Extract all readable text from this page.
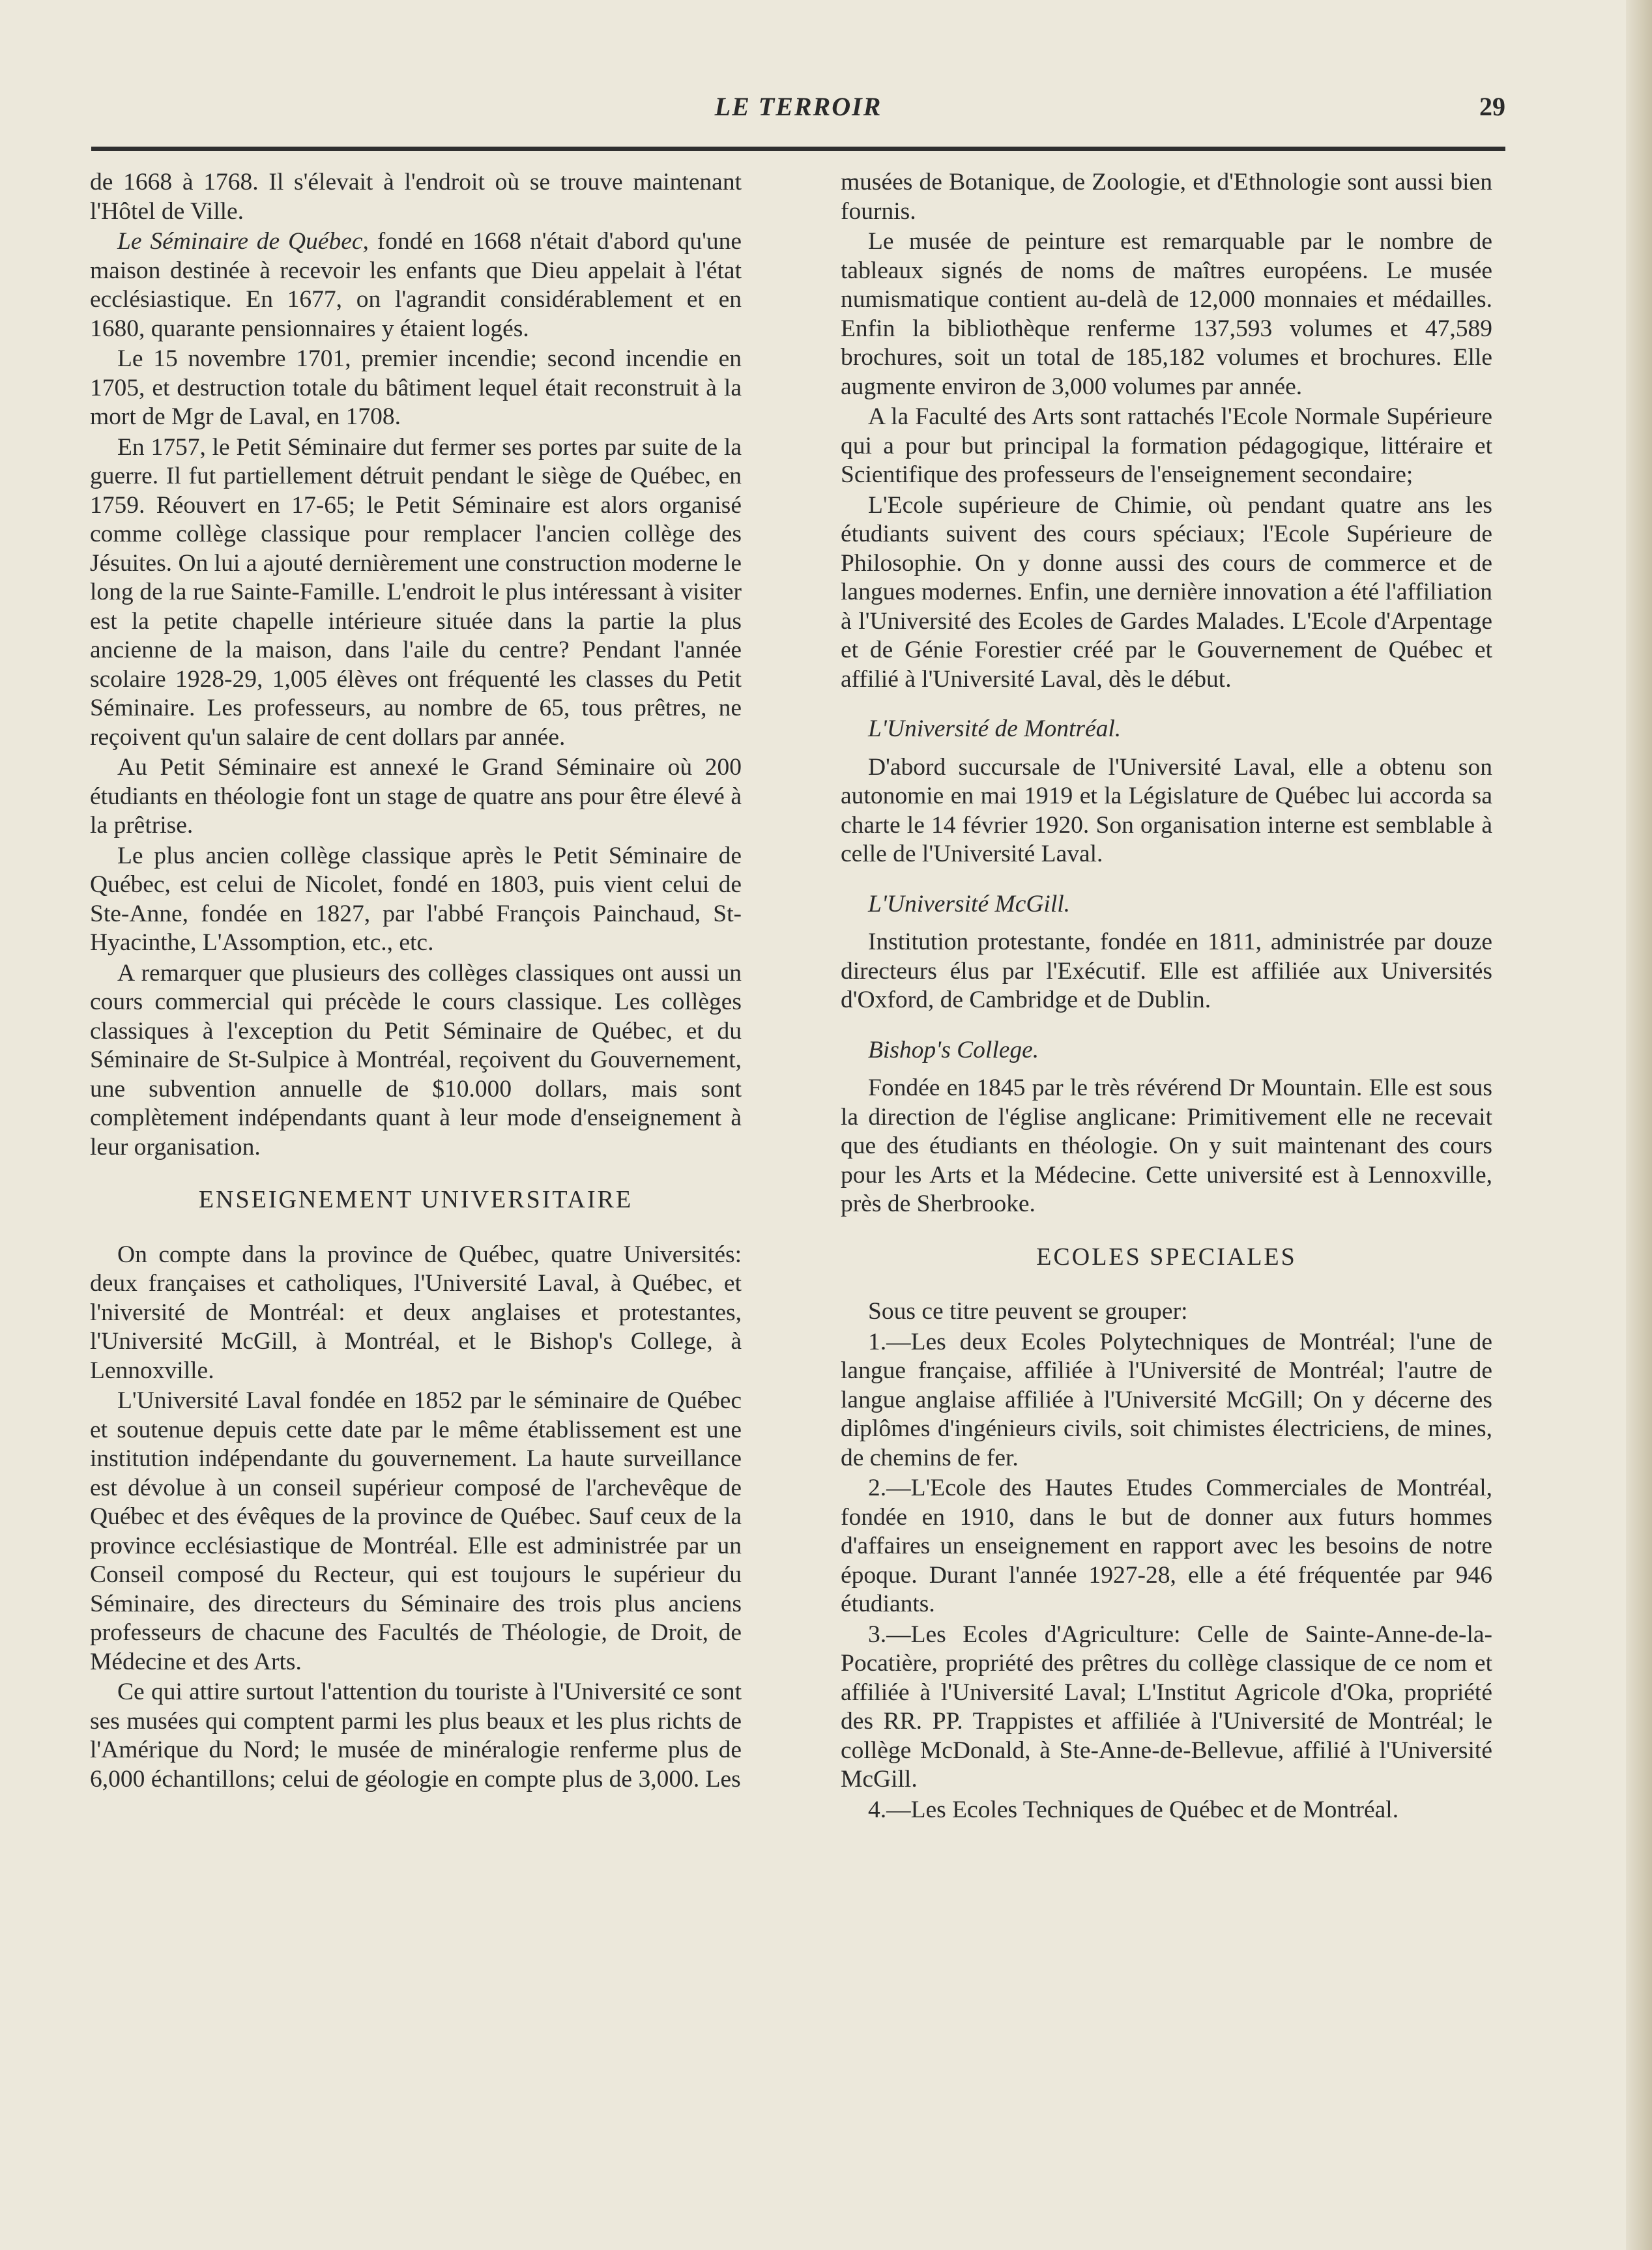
LE TERROIR	29

de 1668 à 1768. Il s'élevait à l'endroit où se trouve maintenant l'Hôtel de Ville.

Le Séminaire de Québec, fondé en 1668 n'était d'abord qu'une maison destinée à recevoir les enfants que Dieu appelait à l'état ecclésiastique. En 1677, on l'agrandit considérablement et en 1680, quarante pensionnaires y étaient logés.

Le 15 novembre 1701, premier incendie; second incendie en 1705, et destruction totale du bâtiment lequel était reconstruit à la mort de Mgr de Laval, en 1708.

En 1757, le Petit Séminaire dut fermer ses portes par suite de la guerre. Il fut partiellement détruit pendant le siège de Québec, en 1759. Réouvert en 17-65; le Petit Séminaire est alors organisé comme collège classique pour remplacer l'ancien collège des Jésuites. On lui a ajouté dernièrement une construction moderne le long de la rue Sainte-Famille. L'endroit le plus intéressant à visiter est la petite chapelle intérieure située dans la partie la plus ancienne de la maison, dans l'aile du centre? Pendant l'année scolaire 1928-29, 1,005 élèves ont fréquenté les classes du Petit Séminaire. Les professeurs, au nombre de 65, tous prêtres, ne reçoivent qu'un salaire de cent dollars par année.

Au Petit Séminaire est annexé le Grand Séminaire où 200 étudiants en théologie font un stage de quatre ans pour être élevé à la prêtrise.

Le plus ancien collège classique après le Petit Séminaire de Québec, est celui de Nicolet, fondé en 1803, puis vient celui de Ste-Anne, fondée en 1827, par l'abbé François Painchaud, St-Hyacinthe, L'Assomption, etc., etc.

A remarquer que plusieurs des collèges classiques ont aussi un cours commercial qui précède le cours classique. Les collèges classiques à l'exception du Petit Séminaire de Québec, et du Séminaire de St-Sulpice à Montréal, reçoivent du Gouvernement, une subvention annuelle de $10.000 dollars, mais sont complètement indépendants quant à leur mode d'enseignement à leur organisation.

ENSEIGNEMENT UNIVERSITAIRE

On compte dans la province de Québec, quatre Universités: deux françaises et catholiques, l'Université Laval, à Québec, et l'niversité de Montréal: et deux anglaises et protestantes, l'Université McGill, à Montréal, et le Bishop's College, à Lennoxville.

L'Université Laval fondée en 1852 par le séminaire de Québec et soutenue depuis cette date par le même établissement est une institution indépendante du gouvernement. La haute surveillance est dévolue à un conseil supérieur composé de l'archevêque de Québec et des évêques de la province de Québec. Sauf ceux de la province ecclésiastique de Montréal. Elle est administrée par un Conseil composé du Recteur, qui est toujours le supérieur du Séminaire, des directeurs du Séminaire des trois plus anciens professeurs de chacune des Facultés de Théologie, de Droit, de Médecine et des Arts.

Ce qui attire surtout l'attention du touriste à l'Université ce sont ses musées qui comptent parmi les plus beaux et les plus richts de l'Amérique du Nord; le musée de minéralogie renferme plus de 6,000 échantillons; celui de géologie en compte plus de 3,000. Les

musées de Botanique, de Zoologie, et d'Ethnologie sont aussi bien fournis.

Le musée de peinture est remarquable par le nombre de tableaux signés de noms de maîtres européens. Le musée numismatique contient au-delà de 12,000 monnaies et médailles. Enfin la bibliothèque renferme 137,593 volumes et 47,589 brochures, soit un total de 185,182 volumes et brochures. Elle augmente environ de 3,000 volumes par année.

A la Faculté des Arts sont rattachés l'Ecole Normale Supérieure qui a pour but principal la formation pédagogique, littéraire et Scientifique des professeurs de l'enseignement secondaire;

L'Ecole supérieure de Chimie, où pendant quatre ans les étudiants suivent des cours spéciaux; l'Ecole Supérieure de Philosophie. On y donne aussi des cours de commerce et de langues modernes. Enfin, une dernière innovation a été l'affiliation à l'Université des Ecoles de Gardes Malades. L'Ecole d'Arpentage et de Génie Forestier créé par le Gouvernement de Québec et affilié à l'Université Laval, dès le début.

L'Université de Montréal.

D'abord succursale de l'Université Laval, elle a obtenu son autonomie en mai 1919 et la Législature de Québec lui accorda sa charte le 14 février 1920. Son organisation interne est semblable à celle de l'Université Laval.

L'Université McGill.

Institution protestante, fondée en 1811, administrée par douze directeurs élus par l'Exécutif. Elle est affiliée aux Universités d'Oxford, de Cambridge et de Dublin.

Bishop's College.

Fondée en 1845 par le très révérend Dr Mountain. Elle est sous la direction de l'église anglicane: Primitivement elle ne recevait que des étudiants en théologie. On y suit maintenant des cours pour les Arts et la Médecine. Cette université est à Lennoxville, près de Sherbrooke.

ECOLES SPECIALES

Sous ce titre peuvent se grouper:

1.—Les deux Ecoles Polytechniques de Montréal; l'une de langue française, affiliée à l'Université de Montréal; l'autre de langue anglaise affiliée à l'Université McGill; On y décerne des diplômes d'ingénieurs civils, soit chimistes électriciens, de mines, de chemins de fer.

2.—L'Ecole des Hautes Etudes Commerciales de Montréal, fondée en 1910, dans le but de donner aux futurs hommes d'affaires un enseignement en rapport avec les besoins de notre époque. Durant l'année 1927-28, elle a été fréquentée par 946 étudiants.

3.—Les Ecoles d'Agriculture: Celle de Sainte-Anne-de-la-Pocatière, propriété des prêtres du collège classique de ce nom et affiliée à l'Université Laval; L'Institut Agricole d'Oka, propriété des RR. PP. Trappistes et affiliée à l'Université de Montréal; le collège McDonald, à Ste-Anne-de-Bellevue, affilié à l'Université McGill.

4.—Les Ecoles Techniques de Québec et de Montréal.
